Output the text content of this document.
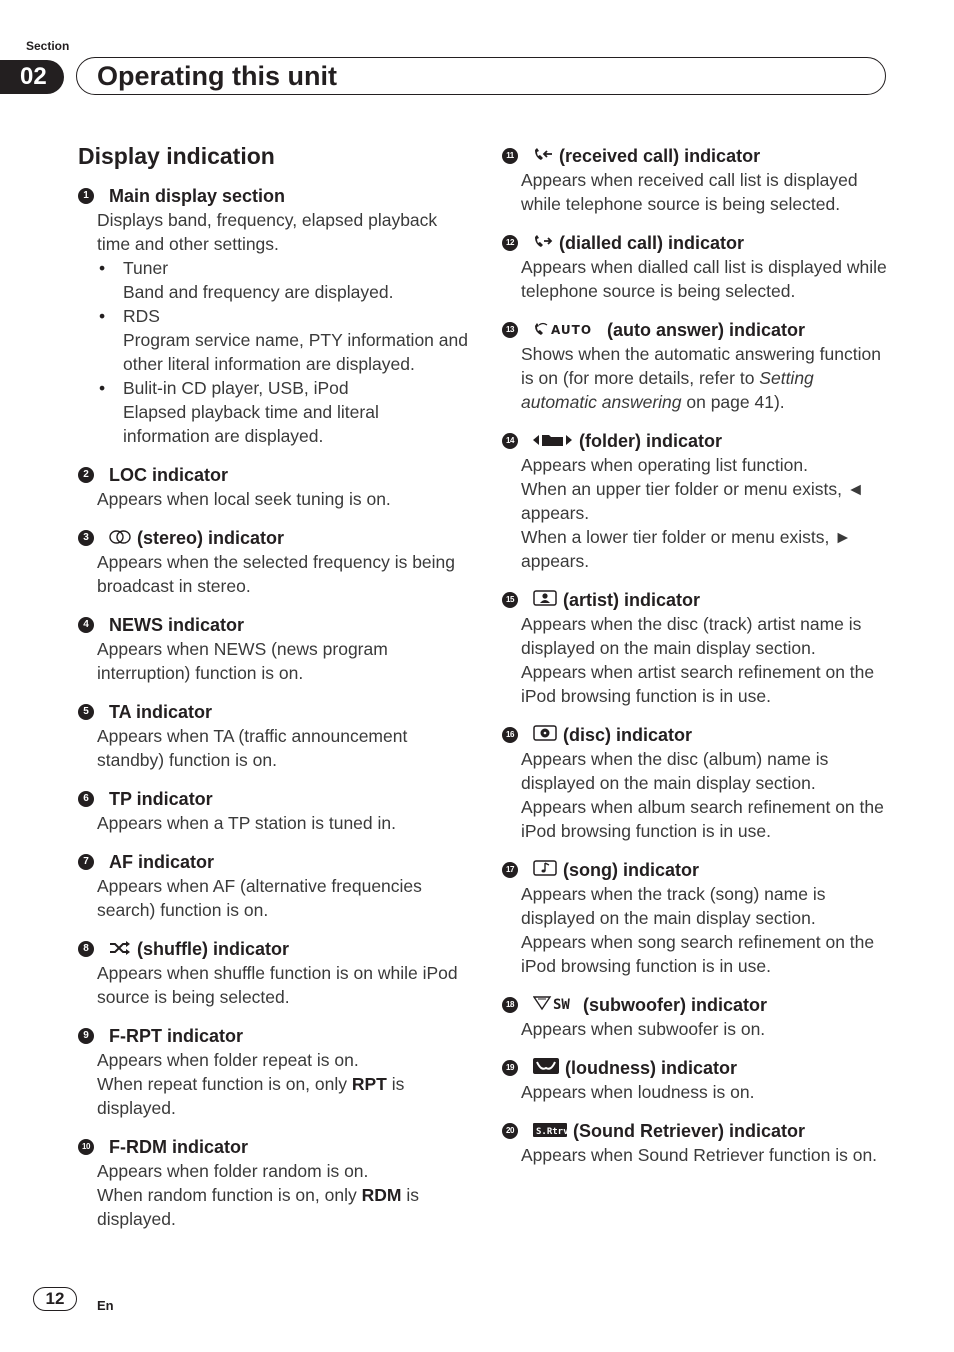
Section
02	Operating this unit
Display indication
1 Main display section

Displays band, frequency, elapsed playback time and other settings.

• Tuner
Band and frequency are displayed.
• RDS
Program service name, PTY information and other literal information are displayed.
• Bulit-in CD player, USB, iPod
Elapsed playback time and literal information are displayed.
2 LOC indicator
Appears when local seek tuning is on.
3	(stereo) indicator
Appears when the selected frequency is being broadcast in stereo.
4 NEWS indicator
Appears when NEWS (news program interruption) function is on.
5 TA indicator
Appears when TA (traffic announcement standby) function is on.
6 TP indicator
Appears when a TP station is tuned in.
7 AF indicator
Appears when AF (alternative frequencies search) function is on.
8	(shuffle) indicator
Appears when shuffle function is on while iPod source is being selected.
9 F-RPT indicator

Appears when folder repeat is on.

When repeat function is on, only RPT is displayed.

10 F-RDM indicator

Appears when folder random is on.

When random function is on, only RDM is displayed.

11	(received call) indicator
Appears when received call list is displayed while telephone source is being selected.
12	(dialled call) indicator
Appears when dialled call list is displayed while telephone source is being selected.
13	AUTO (auto answer) indicator
Shows when the automatic answering function is on (for more details, refer to Setting automatic answering on page 41).
14	(folder) indicator

Appears when operating list function.

When an upper tier folder or menu exists, ◄ appears.

When a lower tier folder or menu exists, ► appears.

15	(artist) indicator

Appears when the disc (track) artist name is displayed on the main display section.

Appears when artist search refinement on the iPod browsing function is in use.

16	(disc) indicator

Appears when the disc (album) name is displayed on the main display section.

Appears when album search refinement on the iPod browsing function is in use.

17	(song) indicator

Appears when the track (song) name is displayed on the main display section.

Appears when song search refinement on the iPod browsing function is in use.

18	SW (subwoofer) indicator
Appears when subwoofer is on.
19	(loudness) indicator
Appears when loudness is on.
20	S.Rtrv (Sound Retriever) indicator
Appears when Sound Retriever function is on.
12	En
